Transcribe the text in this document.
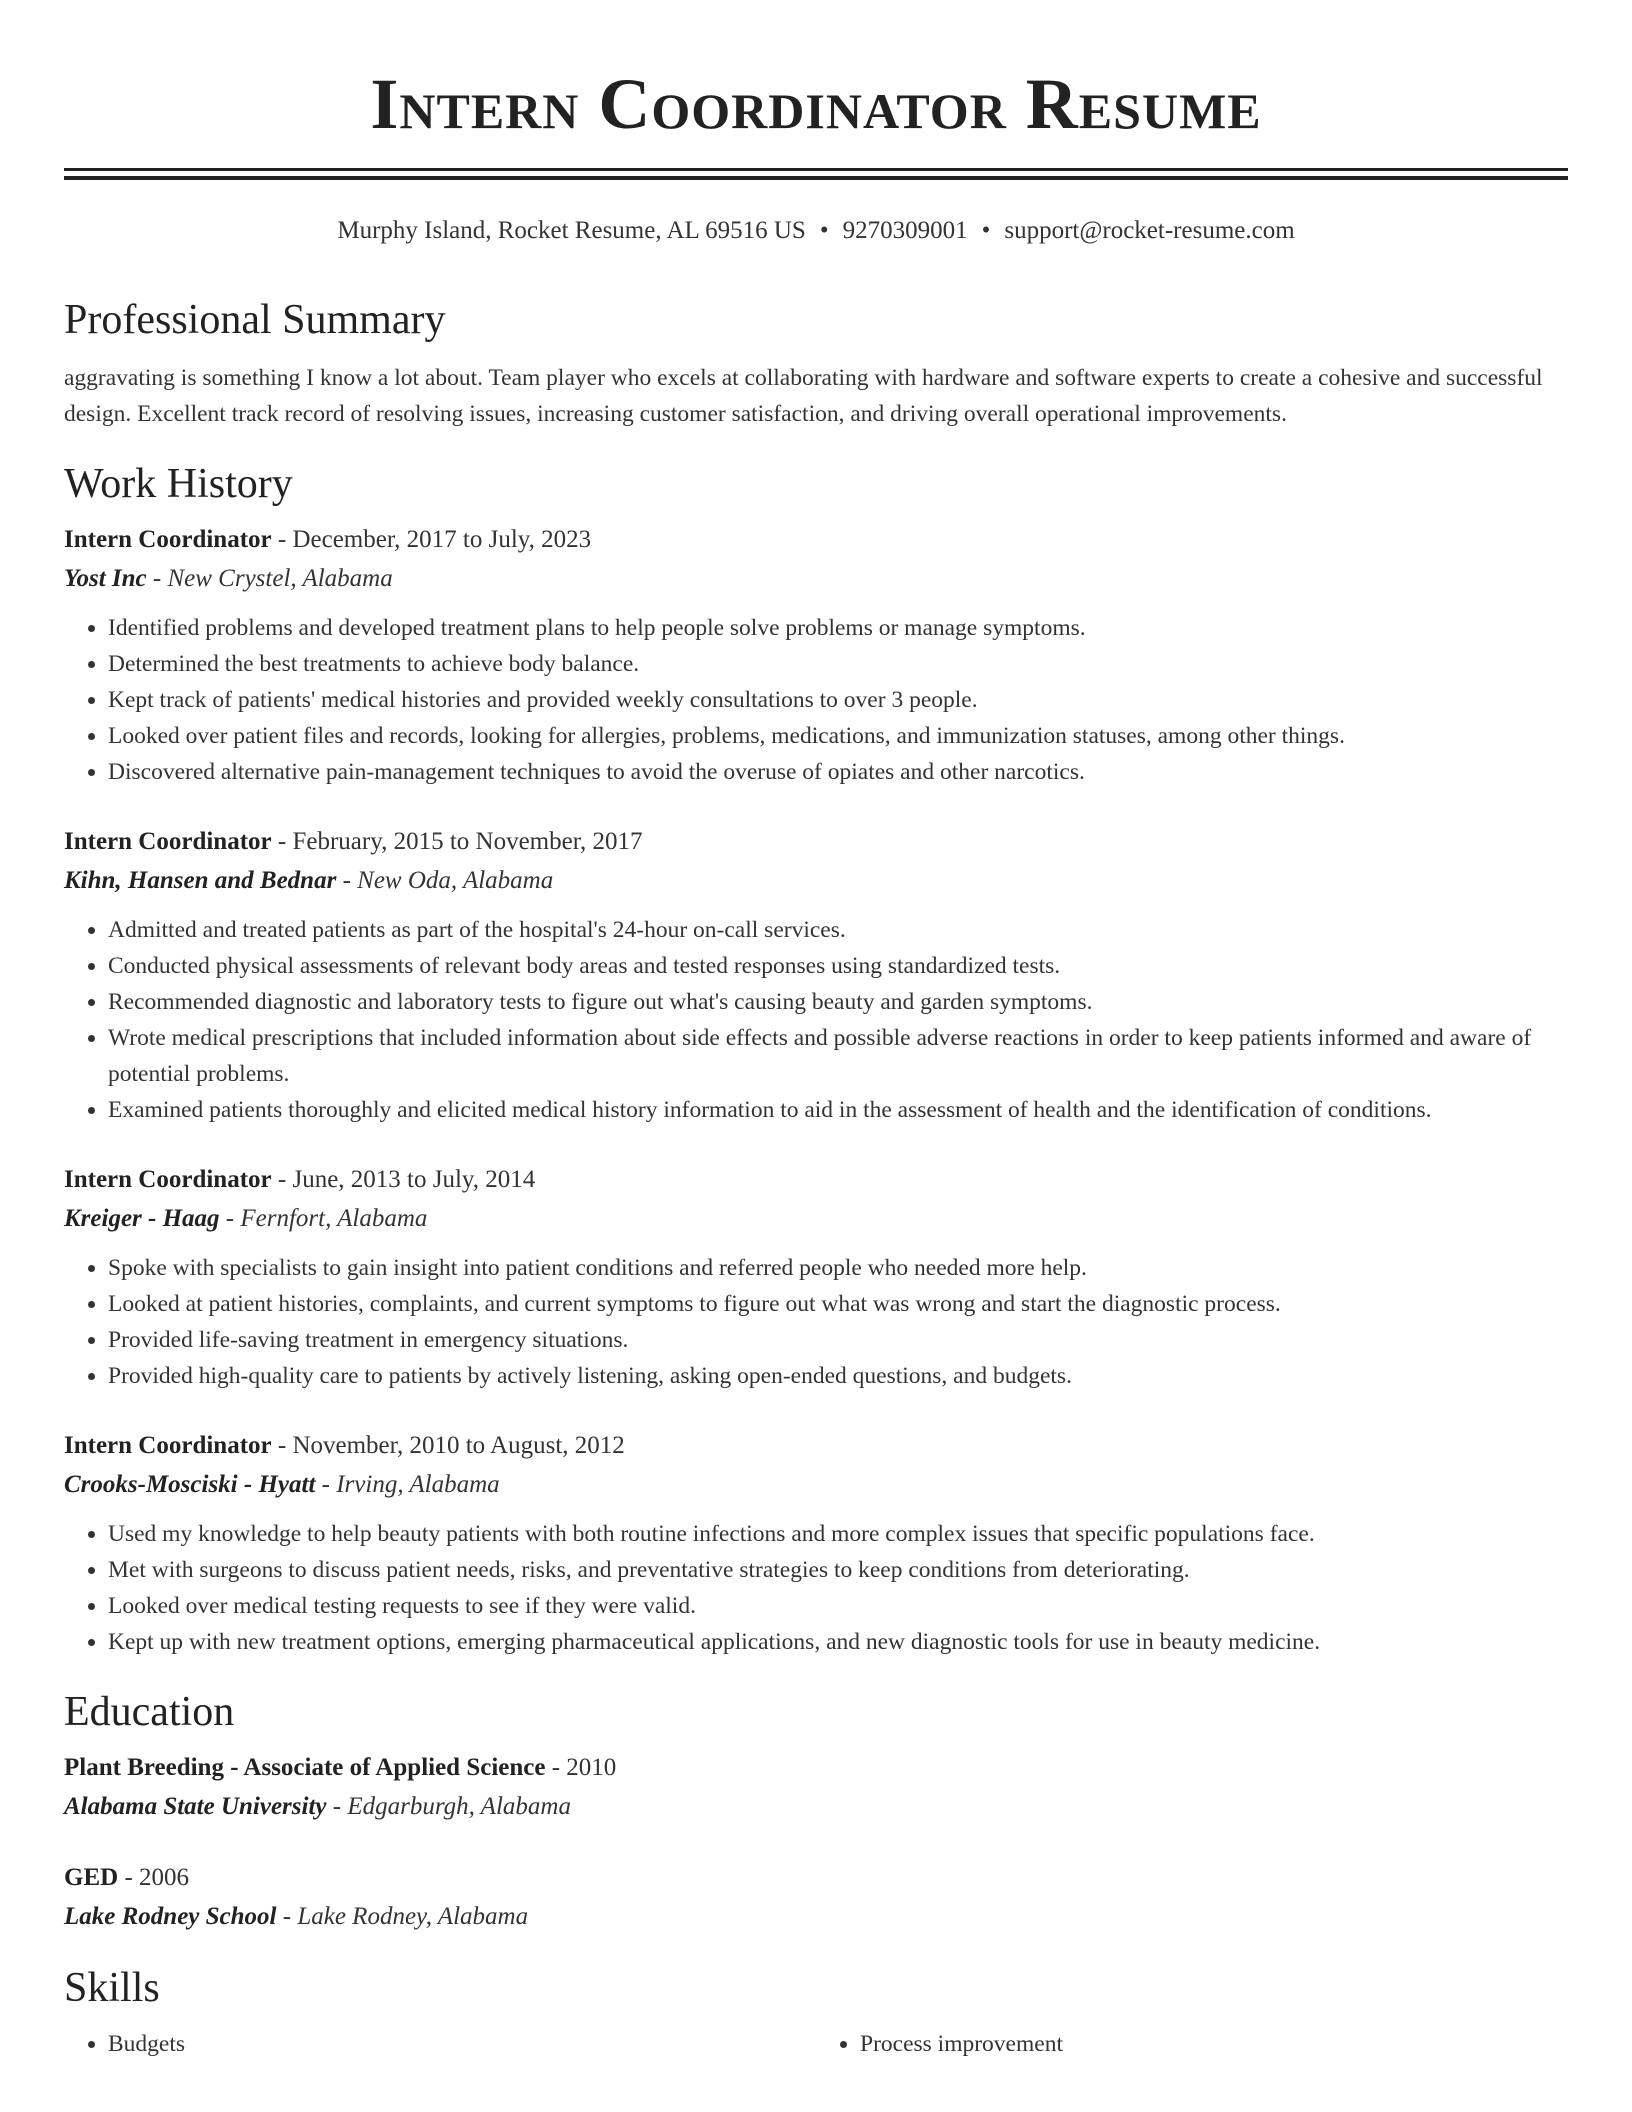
Intern Coordinator Resume
Murphy Island, Rocket Resume, AL 69516 US • 9270309001 • support@rocket-resume.com
Professional Summary

aggravating is something I know a lot about. Team player who excels at collaborating with hardware and software experts to create a cohesive and successful design. Excellent track record of resolving issues, increasing customer satisfaction, and driving overall operational improvements.

Work History
Intern Coordinator - December, 2017 to July, 2023
Yost Inc - New Crystel, Alabama
• Identified problems and developed treatment plans to help people solve problems or manage symptoms.
• Determined the best treatments to achieve body balance.
• Kept track of patients' medical histories and provided weekly consultations to over 3 people.
• Looked over patient files and records, looking for allergies, problems, medications, and immunization statuses, among other things.
• Discovered alternative pain-management techniques to avoid the overuse of opiates and other narcotics.
Intern Coordinator - February, 2015 to November, 2017
Kihn, Hansen and Bednar - New Oda, Alabama
• Admitted and treated patients as part of the hospital's 24-hour on-call services.
• Conducted physical assessments of relevant body areas and tested responses using standardized tests.
• Recommended diagnostic and laboratory tests to figure out what's causing beauty and garden symptoms.
• Wrote medical prescriptions that included information about side effects and possible adverse reactions in order to keep patients informed and aware of potential problems.
• Examined patients thoroughly and elicited medical history information to aid in the assessment of health and the identification of conditions.
Intern Coordinator - June, 2013 to July, 2014
Kreiger - Haag - Fernfort, Alabama
• Spoke with specialists to gain insight into patient conditions and referred people who needed more help.
• Looked at patient histories, complaints, and current symptoms to figure out what was wrong and start the diagnostic process.
• Provided life-saving treatment in emergency situations.
• Provided high-quality care to patients by actively listening, asking open-ended questions, and budgets.
Intern Coordinator - November, 2010 to August, 2012
Crooks-Mosciski - Hyatt - Irving, Alabama
• Used my knowledge to help beauty patients with both routine infections and more complex issues that specific populations face.
• Met with surgeons to discuss patient needs, risks, and preventative strategies to keep conditions from deteriorating.
• Looked over medical testing requests to see if they were valid.
• Kept up with new treatment options, emerging pharmaceutical applications, and new diagnostic tools for use in beauty medicine.
Education
Plant Breeding - Associate of Applied Science - 2010
Alabama State University - Edgarburgh, Alabama
GED - 2006
Lake Rodney School - Lake Rodney, Alabama
Skills
• Budgets
•	Process improvement
